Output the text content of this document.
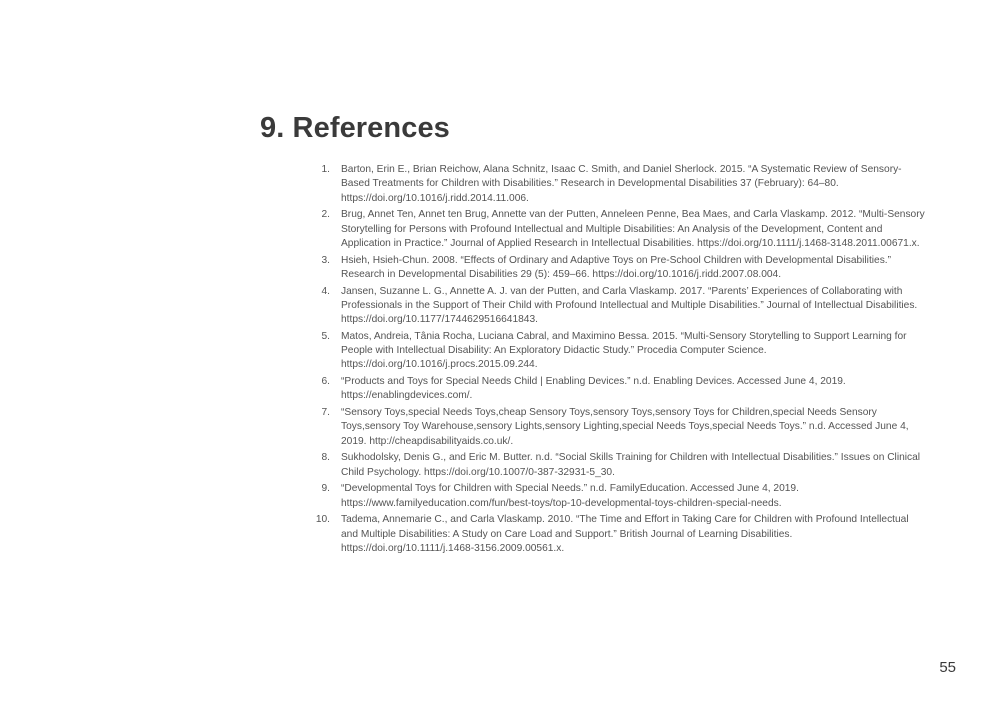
9. References
1. Barton, Erin E., Brian Reichow, Alana Schnitz, Isaac C. Smith, and Daniel Sherlock. 2015. “A Systematic Review of Sensory-Based Treatments for Children with Disabilities.” Research in Developmental Disabilities 37 (February): 64–80. https://doi.org/10.1016/j.ridd.2014.11.006.
2. Brug, Annet Ten, Annet ten Brug, Annette van der Putten, Anneleen Penne, Bea Maes, and Carla Vlaskamp. 2012. “Multi-Sensory Storytelling for Persons with Profound Intellectual and Multiple Disabilities: An Analysis of the Development, Content and Application in Practice.” Journal of Applied Research in Intellectual Disabilities. https://doi.org/10.1111/j.1468-3148.2011.00671.x.
3. Hsieh, Hsieh-Chun. 2008. “Effects of Ordinary and Adaptive Toys on Pre-School Children with Developmental Disabilities.” Research in Developmental Disabilities 29 (5): 459–66. https://doi.org/10.1016/j.ridd.2007.08.004.
4. Jansen, Suzanne L. G., Annette A. J. van der Putten, and Carla Vlaskamp. 2017. “Parents’ Experiences of Collaborating with Professionals in the Support of Their Child with Profound Intellectual and Multiple Disabilities.” Journal of Intellectual Disabilities. https://doi.org/10.1177/1744629516641843.
5. Matos, Andreia, Tânia Rocha, Luciana Cabral, and Maximino Bessa. 2015. “Multi-Sensory Storytelling to Support Learning for People with Intellectual Disability: An Exploratory Didactic Study.” Procedia Computer Science. https://doi.org/10.1016/j.procs.2015.09.244.
6. “Products and Toys for Special Needs Child | Enabling Devices.” n.d. Enabling Devices. Accessed June 4, 2019. https://enablingdevices.com/.
7. “Sensory Toys,special Needs Toys,cheap Sensory Toys,sensory Toys,sensory Toys for Children,special Needs Sensory Toys,sensory Toy Warehouse,sensory Lights,sensory Lighting,special Needs Toys,special Needs Toys.” n.d. Accessed June 4, 2019. http://cheapdisabilityaids.co.uk/.
8. Sukhodolsky, Denis G., and Eric M. Butter. n.d. “Social Skills Training for Children with Intellectual Disabilities.” Issues on Clinical Child Psychology. https://doi.org/10.1007/0-387-32931-5_30.
9. “Developmental Toys for Children with Special Needs.” n.d. FamilyEducation. Accessed June 4, 2019. https://www.familyeducation.com/fun/best-toys/top-10-developmental-toys-children-special-needs.
10. Tadema, Annemarie C., and Carla Vlaskamp. 2010. “The Time and Effort in Taking Care for Children with Profound Intellectual and Multiple Disabilities: A Study on Care Load and Support.” British Journal of Learning Disabilities. https://doi.org/10.1111/j.1468-3156.2009.00561.x.
55
